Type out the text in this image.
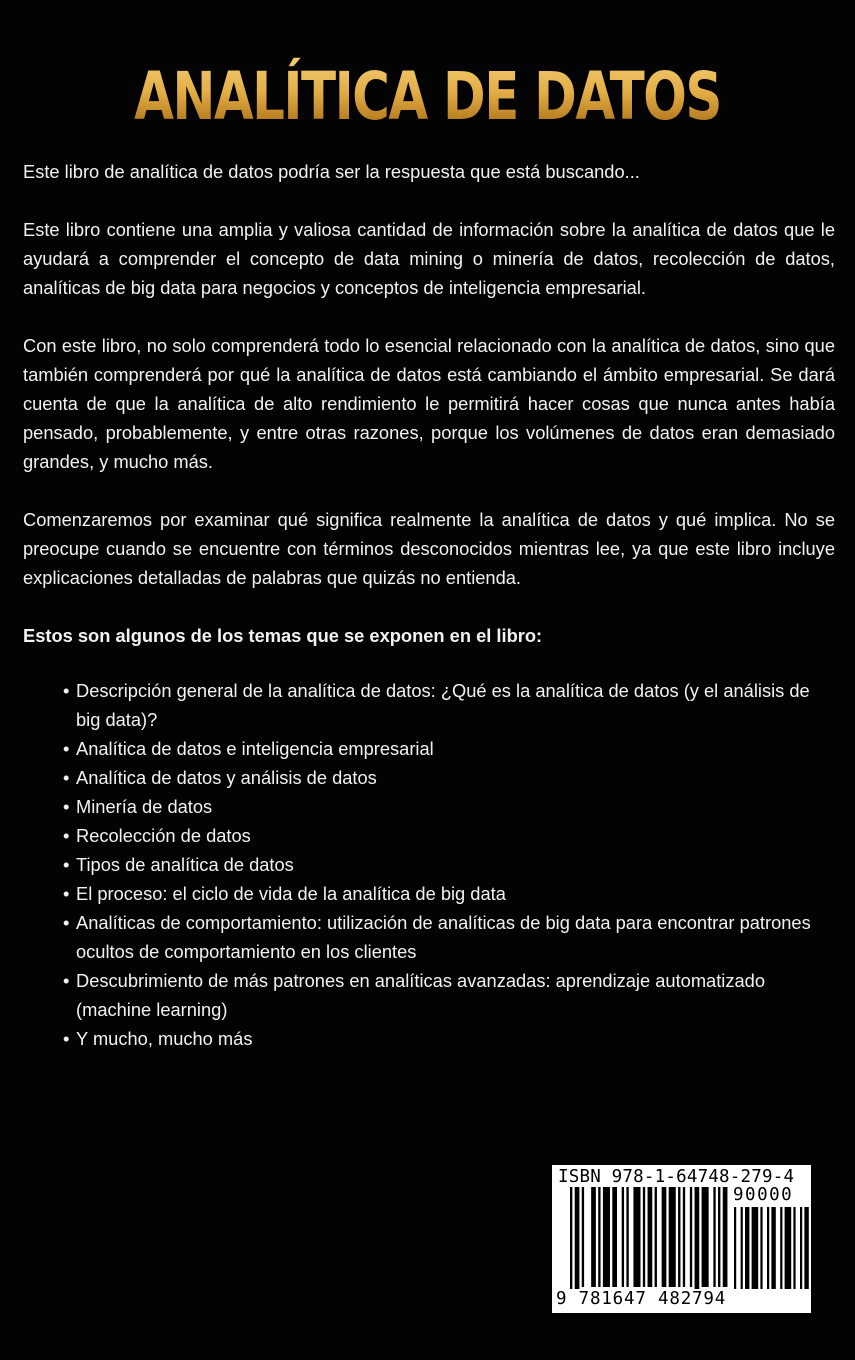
ANALÍTICA DE DATOS

Este libro de analítica de datos podría ser la respuesta que está buscando...

Este libro contiene una amplia y valiosa cantidad de información sobre la analítica de datos que le ayudará a comprender el concepto de data mining o minería de datos, recolección de datos, analíticas de big data para negocios y conceptos de inteligencia empresarial.

Con este libro, no solo comprenderá todo lo esencial relacionado con la analítica de datos, sino que también comprenderá por qué la analítica de datos está cambiando el ámbito empresarial. Se dará cuenta de que la analítica de alto rendimiento le permitirá hacer cosas que nunca antes había pensado, probablemente, y entre otras razones, porque los volúmenes de datos eran demasiado grandes, y mucho más.

Comenzaremos por examinar qué significa realmente la analítica de datos y qué implica. No se preocupe cuando se encuentre con términos desconocidos mientras lee, ya que este libro incluye explicaciones detalladas de palabras que quizás no entienda.

Estos son algunos de los temas que se exponen en el libro:

• Descripción general de la analítica de datos: ¿Qué es la analítica de datos (y el análisis de big data)?
• Analítica de datos e inteligencia empresarial
• Analítica de datos y análisis de datos
• Minería de datos
• Recolección de datos
• Tipos de analítica de datos
• El proceso: el ciclo de vida de la analítica de big data
• Analíticas de comportamiento: utilización de analíticas de big data para encontrar patrones ocultos de comportamiento en los clientes
• Descubrimiento de más patrones en analíticas avanzadas: aprendizaje automatizado (machine learning)
• Y mucho, mucho más
ISBN 978-1-64748-279-4
90000
9 781647 482794
